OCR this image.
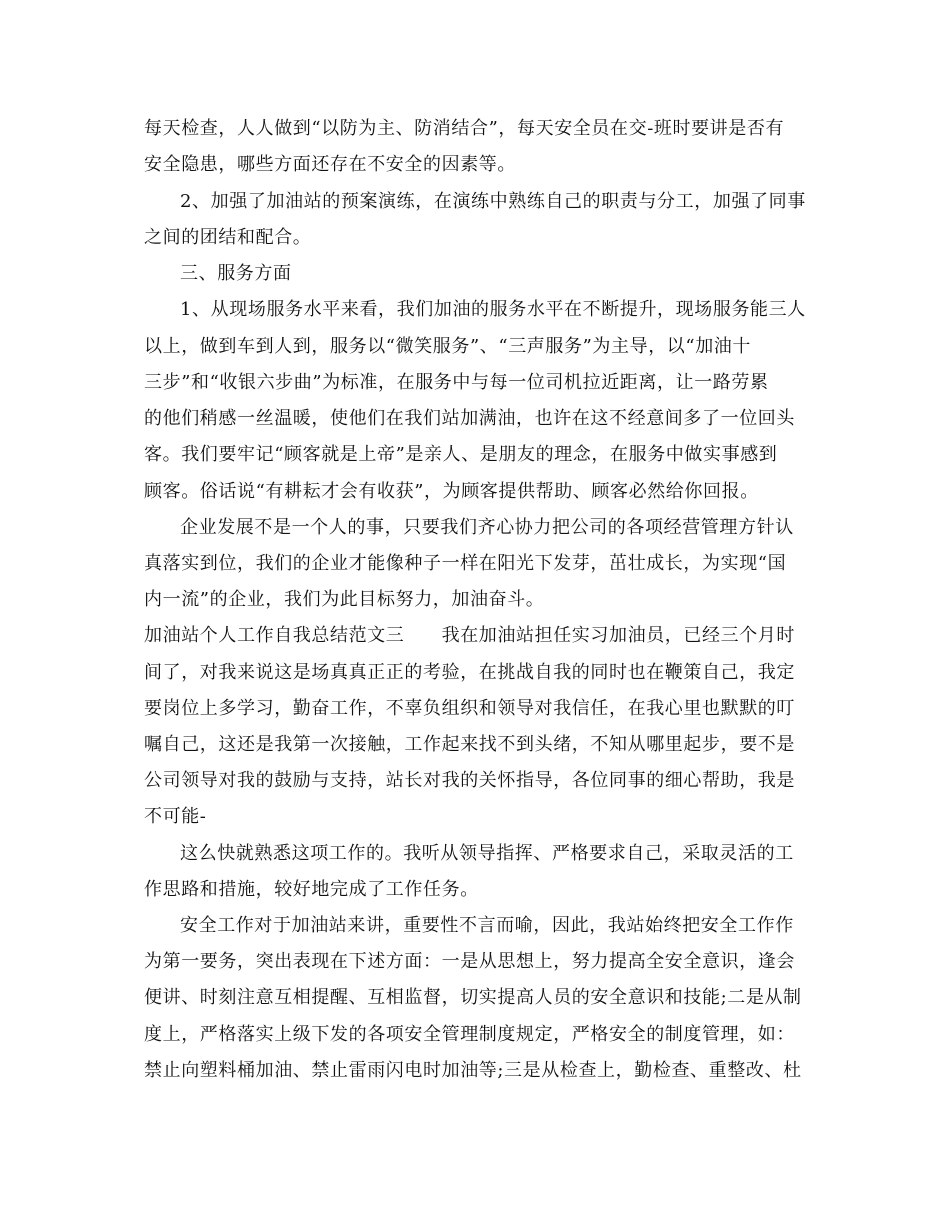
每天检查，人人做到“以防为主、防消结合”，每天安全员在交-班时要讲是否有
安全隐患，哪些方面还存在不安全的因素等。
2、加强了加油站的预案演练，在演练中熟练自己的职责与分工，加强了同事
之间的团结和配合。
三、服务方面
1、从现场服务水平来看，我们加油的服务水平在不断提升，现场服务能三人
以上，做到车到人到，服务以“微笑服务”、“三声服务”为主导，以“加油十
三步”和“收银六步曲”为标准，在服务中与每一位司机拉近距离，让一路劳累
的他们稍感一丝温暖，使他们在我们站加满油，也许在这不经意间多了一位回头
客。我们要牢记“顾客就是上帝”是亲人、是朋友的理念，在服务中做实事感到
顾客。俗话说“有耕耘才会有收获”，为顾客提供帮助、顾客必然给你回报。
企业发展不是一个人的事，只要我们齐心协力把公司的各项经营管理方针认
真落实到位，我们的企业才能像种子一样在阳光下发芽，茁壮成长，为实现“国
内一流”的企业，我们为此目标努力，加油奋斗。
加油站个人工作自我总结范文三　　我在加油站担任实习加油员，已经三个月时
间了，对我来说这是场真真正正的考验，在挑战自我的同时也在鞭策自己，我定
要岗位上多学习，勤奋工作，不辜负组织和领导对我信任，在我心里也默默的叮
嘱自己，这还是我第一次接触，工作起来找不到头绪，不知从哪里起步，要不是
公司领导对我的鼓励与支持，站长对我的关怀指导，各位同事的细心帮助，我是
不可能-
这么快就熟悉这项工作的。我听从领导指挥、严格要求自己，采取灵活的工
作思路和措施，较好地完成了工作任务。
安全工作对于加油站来讲，重要性不言而喻，因此，我站始终把安全工作作
为第一要务，突出表现在下述方面：一是从思想上，努力提高全安全意识，逢会
便讲、时刻注意互相提醒、互相监督，切实提高人员的安全意识和技能;二是从制
度上，严格落实上级下发的各项安全管理制度规定，严格安全的制度管理，如：
禁止向塑料桶加油、禁止雷雨闪电时加油等;三是从检查上，勤检查、重整改、杜
